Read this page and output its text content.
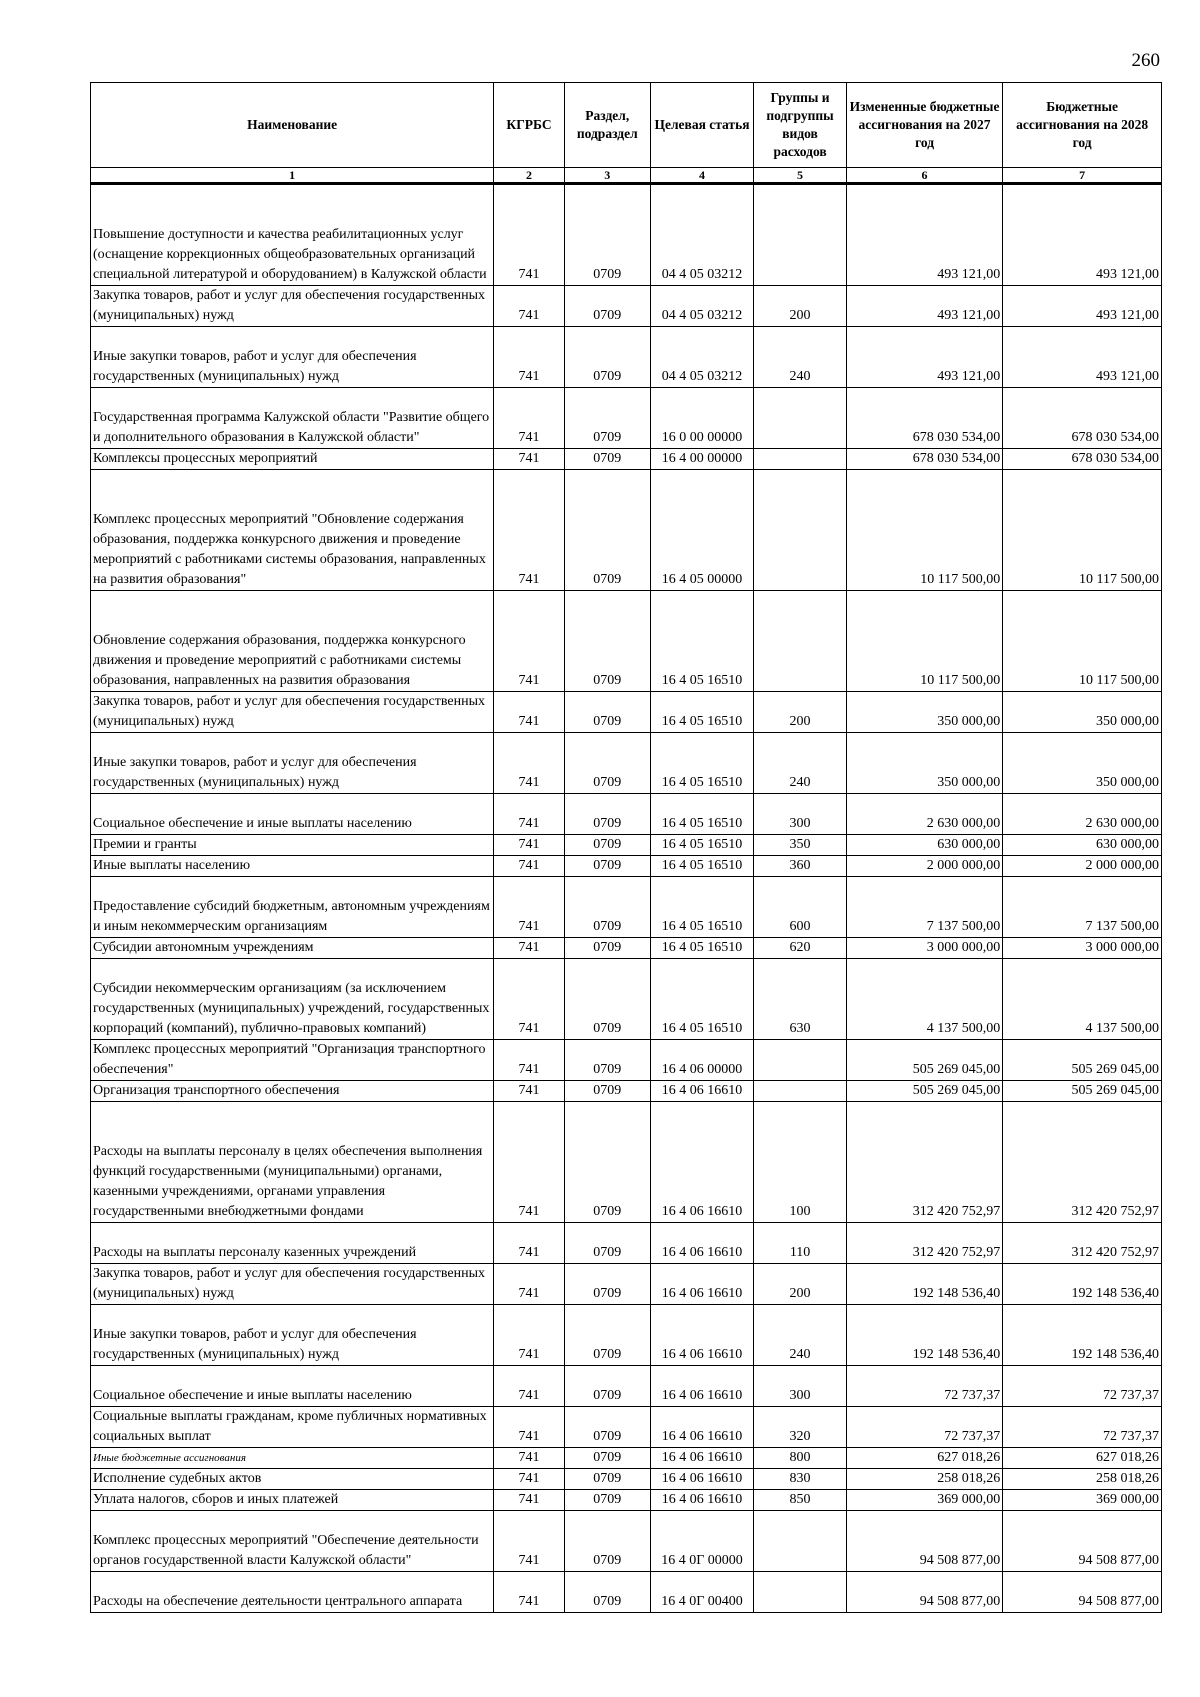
260
Наименование	КГРБС	Раздел, подраздел	Целевая статья	Группы и подгруппы видов расходов	Измененные бюджетные ассигнования на 2027 год	Бюджетные ассигнования на 2028 год
1	2	3	4	5	6	7
Повышение доступности и качества реабилитационных услуг (оснащение коррекционных общеобразовательных организаций специальной литературой и оборудованием) в Калужской области	741	0709	04 4 05 03212		493 121,00	493 121,00
Закупка товаров, работ и услуг для обеспечения государственных (муниципальных) нужд	741	0709	04 4 05 03212	200	493 121,00	493 121,00
Иные закупки товаров, работ и услуг для обеспечения государственных (муниципальных) нужд	741	0709	04 4 05 03212	240	493 121,00	493 121,00
Государственная программа Калужской области "Развитие общего и дополнительного образования в Калужской области"	741	0709	16 0 00 00000		678 030 534,00	678 030 534,00
Комплексы процессных мероприятий	741	0709	16 4 00 00000		678 030 534,00	678 030 534,00
Комплекс процессных мероприятий "Обновление содержания образования, поддержка конкурсного движения и проведение мероприятий с работниками системы образования, направленных на развития образования"	741	0709	16 4 05 00000		10 117 500,00	10 117 500,00
Обновление содержания образования, поддержка конкурсного движения и проведение мероприятий с работниками системы образования, направленных на развития образования	741	0709	16 4 05 16510		10 117 500,00	10 117 500,00
Закупка товаров, работ и услуг для обеспечения государственных (муниципальных) нужд	741	0709	16 4 05 16510	200	350 000,00	350 000,00
Иные закупки товаров, работ и услуг для обеспечения государственных (муниципальных) нужд	741	0709	16 4 05 16510	240	350 000,00	350 000,00
Социальное обеспечение и иные выплаты населению	741	0709	16 4 05 16510	300	2 630 000,00	2 630 000,00
Премии и гранты	741	0709	16 4 05 16510	350	630 000,00	630 000,00
Иные выплаты населению	741	0709	16 4 05 16510	360	2 000 000,00	2 000 000,00
Предоставление субсидий бюджетным, автономным учреждениям и иным некоммерческим организациям	741	0709	16 4 05 16510	600	7 137 500,00	7 137 500,00
Субсидии автономным учреждениям	741	0709	16 4 05 16510	620	3 000 000,00	3 000 000,00
Субсидии некоммерческим организациям (за исключением государственных (муниципальных) учреждений, государственных корпораций (компаний), публично-правовых компаний)	741	0709	16 4 05 16510	630	4 137 500,00	4 137 500,00
Комплекс процессных мероприятий "Организация транспортного обеспечения"	741	0709	16 4 06 00000		505 269 045,00	505 269 045,00
Организация транспортного обеспечения	741	0709	16 4 06 16610		505 269 045,00	505 269 045,00
Расходы на выплаты персоналу в целях обеспечения выполнения функций государственными (муниципальными) органами, казенными учреждениями, органами управления государственными внебюджетными фондами	741	0709	16 4 06 16610	100	312 420 752,97	312 420 752,97
Расходы на выплаты персоналу казенных учреждений	741	0709	16 4 06 16610	110	312 420 752,97	312 420 752,97
Закупка товаров, работ и услуг для обеспечения государственных (муниципальных) нужд	741	0709	16 4 06 16610	200	192 148 536,40	192 148 536,40
Иные закупки товаров, работ и услуг для обеспечения государственных (муниципальных) нужд	741	0709	16 4 06 16610	240	192 148 536,40	192 148 536,40
Социальное обеспечение и иные выплаты населению	741	0709	16 4 06 16610	300	72 737,37	72 737,37
Социальные выплаты гражданам, кроме публичных нормативных социальных выплат	741	0709	16 4 06 16610	320	72 737,37	72 737,37
Иные бюджетные ассигнования	741	0709	16 4 06 16610	800	627 018,26	627 018,26
Исполнение судебных актов	741	0709	16 4 06 16610	830	258 018,26	258 018,26
Уплата налогов, сборов и иных платежей	741	0709	16 4 06 16610	850	369 000,00	369 000,00
Комплекс процессных мероприятий "Обеспечение деятельности органов государственной власти Калужской области"	741	0709	16 4 0Г 00000		94 508 877,00	94 508 877,00
Расходы на обеспечение деятельности центрального аппарата	741	0709	16 4 0Г 00400		94 508 877,00	94 508 877,00
